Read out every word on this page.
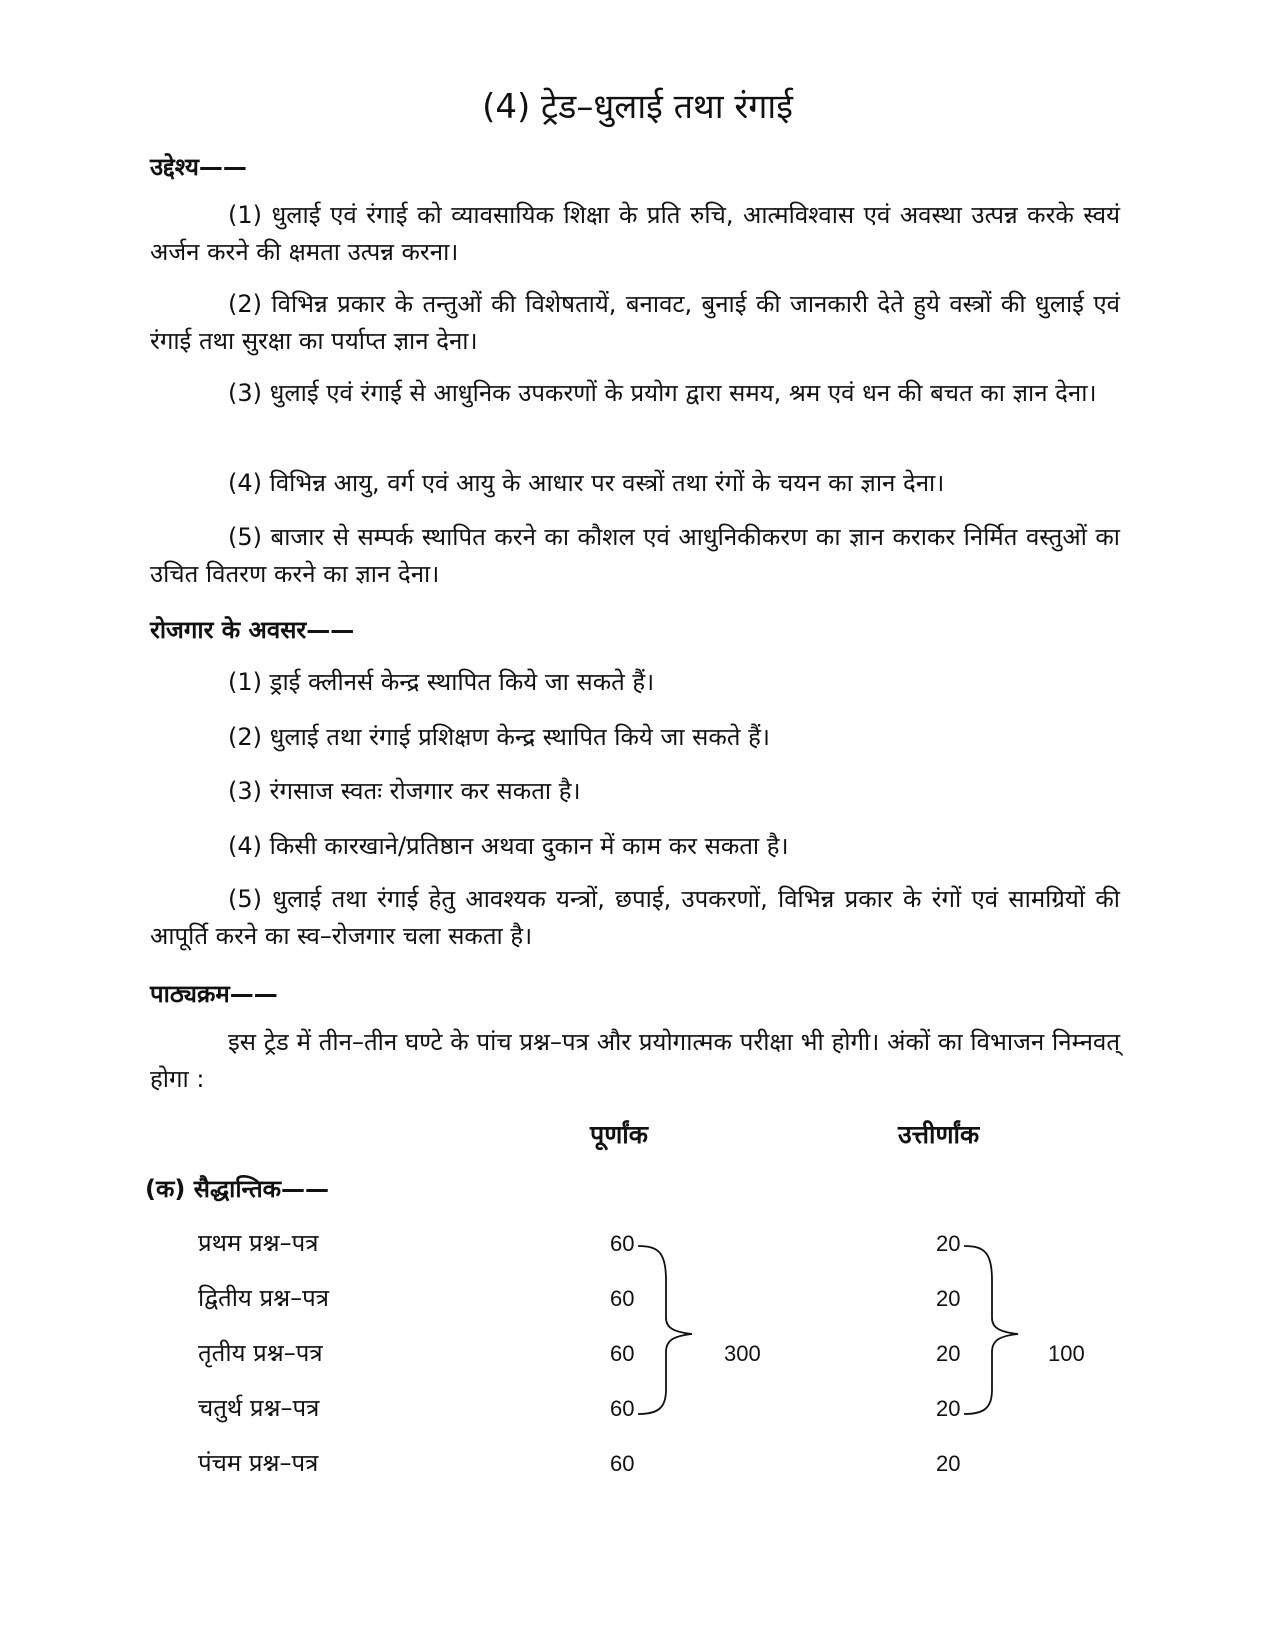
(4) ट्रेड–धुलाई तथा रंगाई

उद्देश्य——

(1) धुलाई एवं रंगाई को व्यावसायिक शिक्षा के प्रति रुचि, आत्मविश्वास एवं अवस्था उत्पन्न करके स्वयं अर्जन करने की क्षमता उत्पन्न करना।

(2) विभिन्न प्रकार के तन्तुओं की विशेषतायें, बनावट, बुनाई की जानकारी देते हुये वस्त्रों की धुलाई एवं रंगाई तथा सुरक्षा का पर्याप्त ज्ञान देना।

(3) धुलाई एवं रंगाई से आधुनिक उपकरणों के प्रयोग द्वारा समय, श्रम एवं धन की बचत का ज्ञान देना।

(4) विभिन्न आयु, वर्ग एवं आयु के आधार पर वस्त्रों तथा रंगों के चयन का ज्ञान देना।

(5) बाजार से सम्पर्क स्थापित करने का कौशल एवं आधुनिकीकरण का ज्ञान कराकर निर्मित वस्तुओं का उचित वितरण करने का ज्ञान देना।

रोजगार के अवसर——

(1) ड्राई क्लीनर्स केन्द्र स्थापित किये जा सकते हैं।

(2) धुलाई तथा रंगाई प्रशिक्षण केन्द्र स्थापित किये जा सकते हैं।

(3) रंगसाज स्वतः रोजगार कर सकता है।

(4) किसी कारखाने/प्रतिष्ठान अथवा दुकान में काम कर सकता है।

(5) धुलाई तथा रंगाई हेतु आवश्यक यन्त्रों, छपाई, उपकरणों, विभिन्न प्रकार के रंगों एवं सामग्रियों की आपूर्ति करने का स्व–रोजगार चला सकता है।

पाठ्यक्रम——

इस ट्रेड में तीन–तीन घण्टे के पांच प्रश्न–पत्र और प्रयोगात्मक परीक्षा भी होगी। अंकों का विभाजन निम्नवत् होगा :

पूर्णांक	उत्तीर्णांक

(क) सैद्धान्तिक——

प्रथम प्रश्न–पत्र

द्वितीय प्रश्न–पत्र

तृतीय प्रश्न–पत्र

चतुर्थ प्रश्न–पत्र

पंचम प्रश्न–पत्र

60

60

60

60

60

20

20

20

20

20

300	100
